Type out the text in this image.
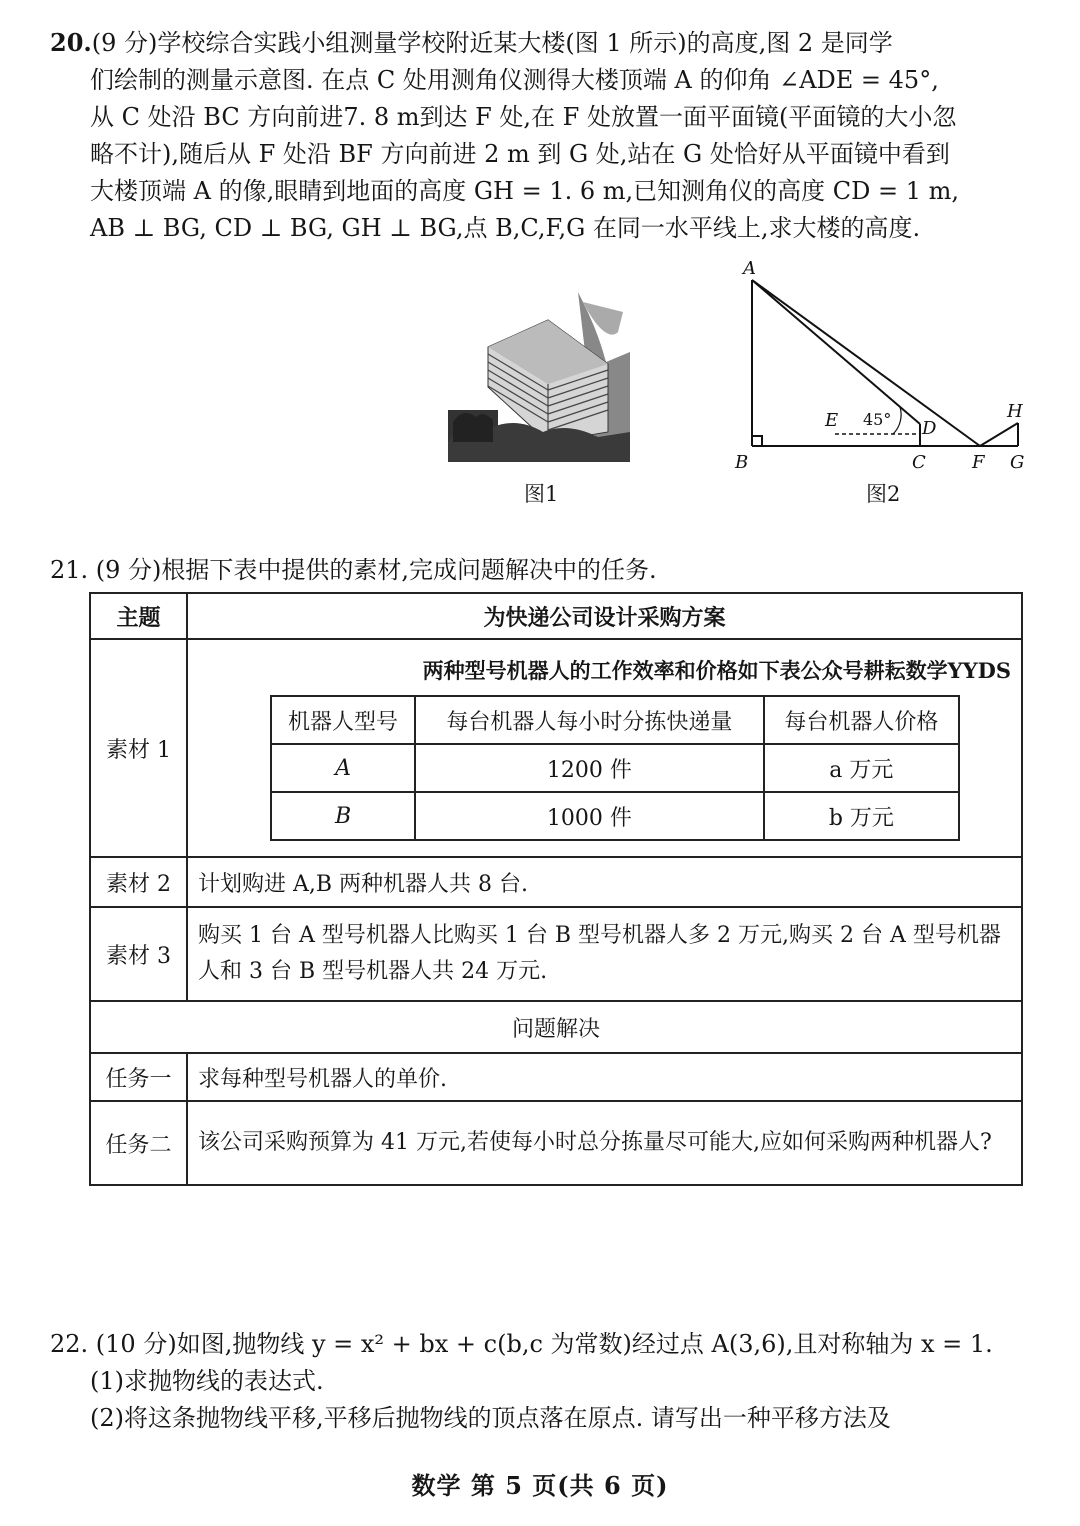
20.(9 分)学校综合实践小组测量学校附近某大楼(图 1 所示)的高度,图 2 是同学

们绘制的测量示意图. 在点 C 处用测角仪测得大楼顶端 A 的仰角 ∠ADE = 45°,

从 C 处沿 BC 方向前进7. 8 m到达 F 处,在 F 处放置一面平面镜(平面镜的大小忽

略不计),随后从 F 处沿 BF 方向前进 2 m 到 G 处,站在 G 处恰好从平面镜中看到

大楼顶端 A 的像,眼睛到地面的高度 GH = 1. 6 m,已知测角仪的高度 CD = 1 m,

AB ⊥ BG, CD ⊥ BG, GH ⊥ BG,点 B,C,F,G 在同一水平线上,求大楼的高度.

图1
A
B	C
D
E
F G
H
45°
图2

21. (9 分)根据下表中提供的素材,完成问题解决中的任务.

主题	为快递公司设计采购方案
素材 1	
两种型号机器人的工作效率和价格如下表公众号耕耘数学YYDS
机器人型号	每台机器人每小时分拣快递量	每台机器人价格
A	1200 件	a 万元
B	1000 件	b 万元

素材 2	计划购进 A,B 两种机器人共 8 台.
素材 3	购买 1 台 A 型号机器人比购买 1 台 B 型号机器人多 2 万元,购买 2 台 A 型号机器人和 3 台 B 型号机器人共 24 万元.
问题解决
任务一	求每种型号机器人的单价.
任务二	该公司采购预算为 41 万元,若使每小时总分拣量尽可能大,应如何采购两种机器人?

22. (10 分)如图,抛物线 y = x² + bx + c(b,c 为常数)经过点 A(3,6),且对称轴为 x = 1.

(1)求抛物线的表达式.

(2)将这条抛物线平移,平移后抛物线的顶点落在原点. 请写出一种平移方法及

数学 第 5 页(共 6 页)
